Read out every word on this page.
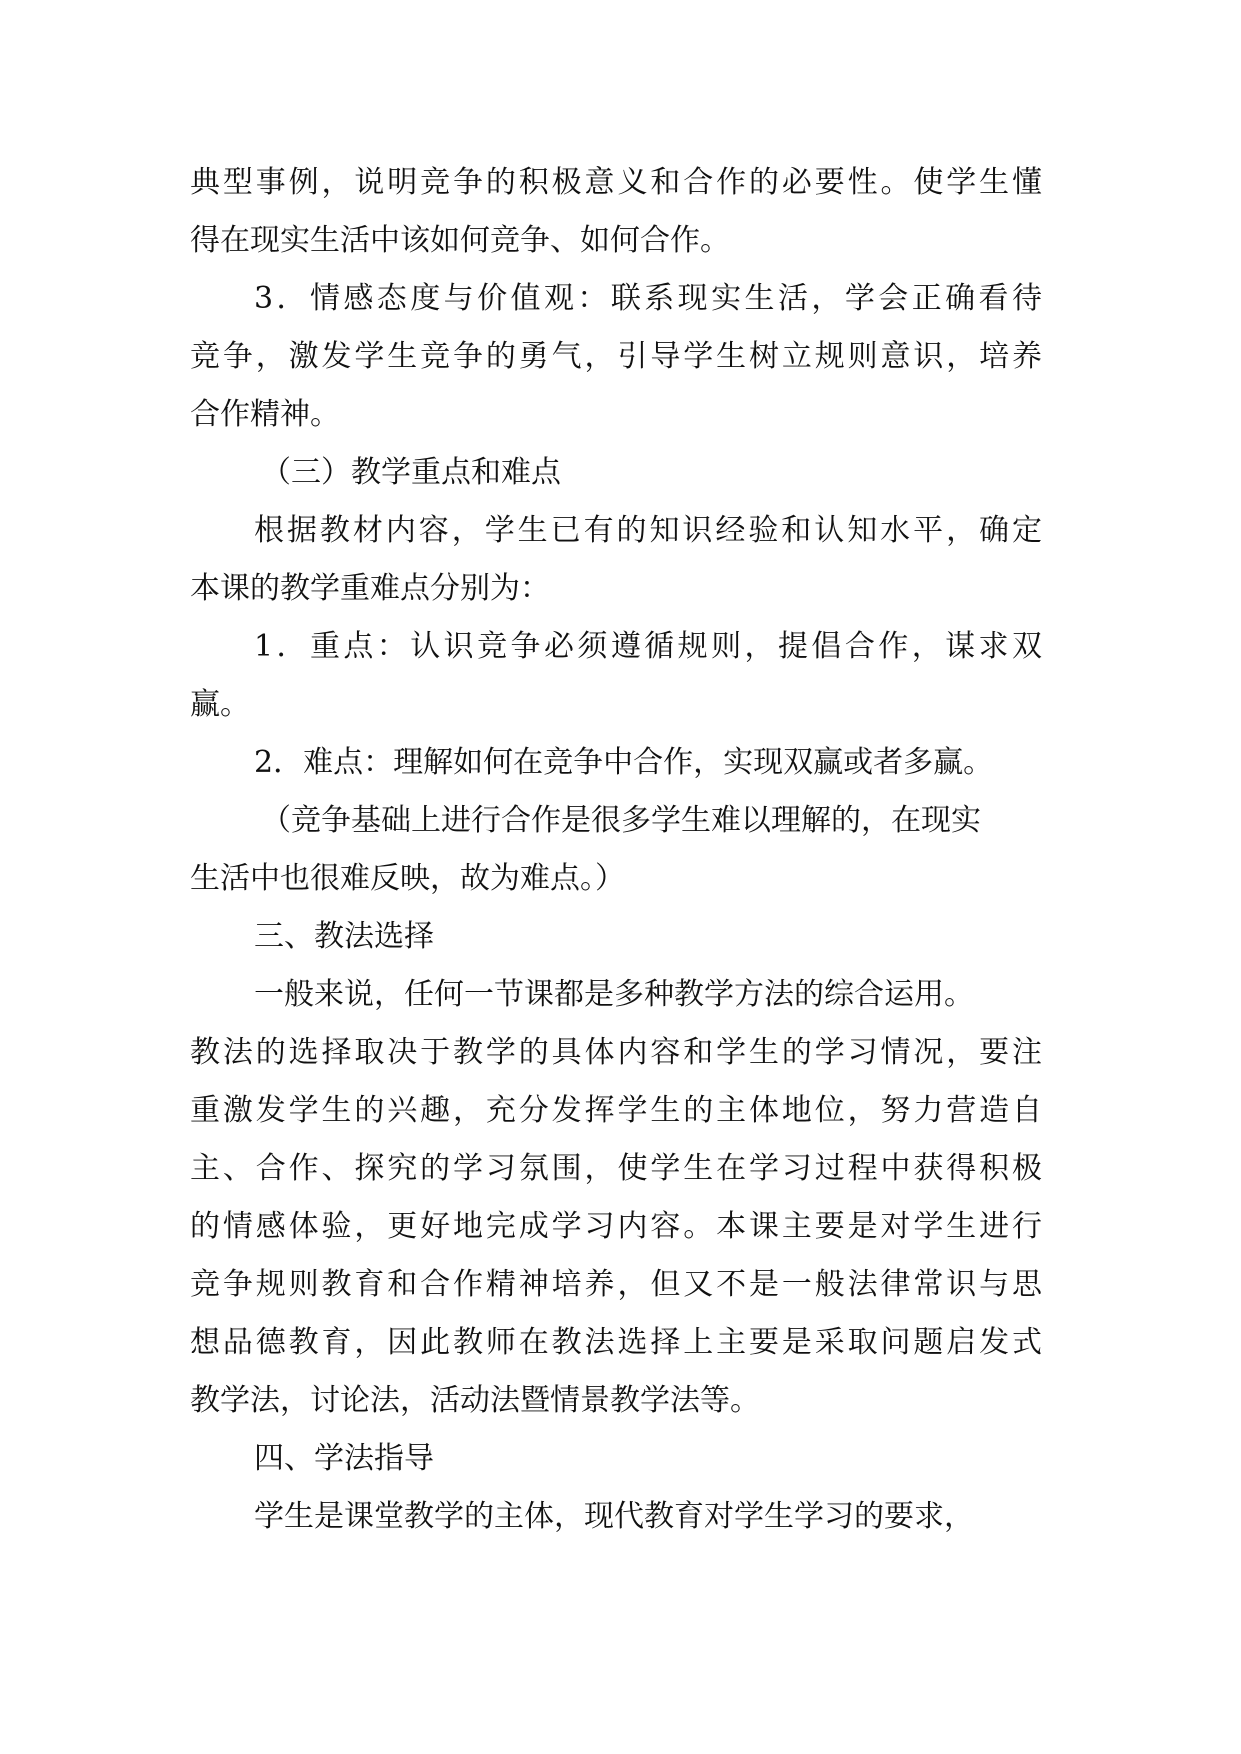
典型事例，说明竞争的积极意义和合作的必要性。使学生懂

得在现实生活中该如何竞争、如何合作。

3．情感态度与价值观：联系现实生活，学会正确看待

竞争，激发学生竞争的勇气，引导学生树立规则意识，培养

合作精神。

（三）教学重点和难点

根据教材内容，学生已有的知识经验和认知水平，确定

本课的教学重难点分别为：

1．重点：认识竞争必须遵循规则，提倡合作，谋求双

赢。

2．难点：理解如何在竞争中合作，实现双赢或者多赢。

（竞争基础上进行合作是很多学生难以理解的，在现实

生活中也很难反映，故为难点。）

三、教法选择

一般来说，任何一节课都是多种教学方法的综合运用。

教法的选择取决于教学的具体内容和学生的学习情况，要注

重激发学生的兴趣，充分发挥学生的主体地位，努力营造自

主、合作、探究的学习氛围，使学生在学习过程中获得积极

的情感体验，更好地完成学习内容。本课主要是对学生进行

竞争规则教育和合作精神培养，但又不是一般法律常识与思

想品德教育，因此教师在教法选择上主要是采取问题启发式

教学法，讨论法，活动法暨情景教学法等。

四、学法指导

学生是课堂教学的主体，现代教育对学生学习的要求，
